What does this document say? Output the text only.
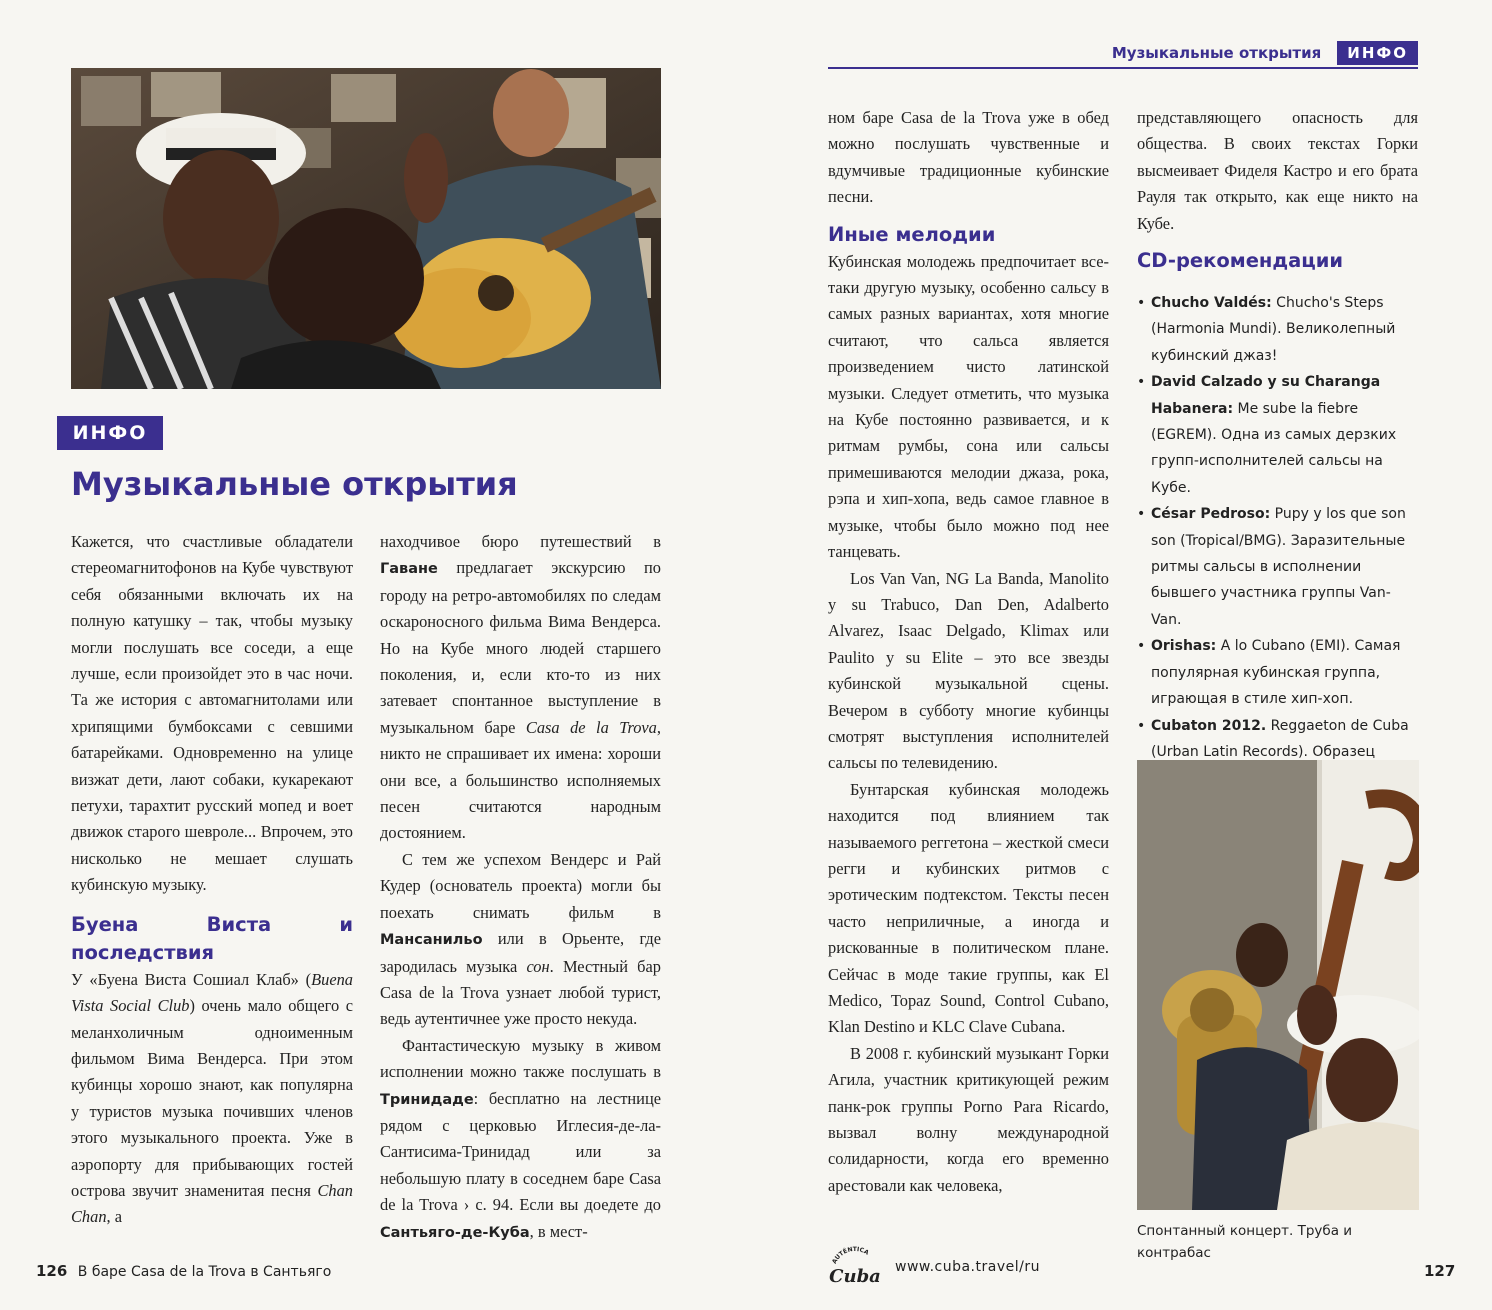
ИНФО
Музыкальные открытия

Кажется, что счастливые обладатели стереомагнитофонов на Кубе чувствуют себя обязанными включать их на полную катушку – так, чтобы музыку могли послушать все соседи, а еще лучше, если произойдет это в час ночи. Та же история с автомагнитолами или хрипящими бумбоксами с севшими батарейками. Одновременно на улице визжат дети, лают собаки, кукарекают петухи, тарахтит русский мопед и воет движок старого шевроле... Впрочем, это нисколько не мешает слушать кубинскую музыку.

Буена Виста и последствия

У «Буена Виста Сошиал Клаб» (Buena Vista Social Club) очень мало общего с меланхоличным одноименным фильмом Вима Вендерса. При этом кубинцы хорошо знают, как популярна у туристов музыка почивших членов этого музыкального проекта. Уже в аэропорту для прибывающих гостей острова звучит знаменитая песня Chan Chan, а

находчивое бюро путешествий в Гаване предлагает экскурсию по городу на ретро-автомобилях по следам оскароносного фильма Вима Вендерса. Но на Кубе много людей старшего поколения, и, если кто-то из них затевает спонтанное выступление в музыкальном баре Casa de la Trova, никто не спрашивает их имена: хороши они все, а большинство исполняемых песен считаются народным достоянием.

С тем же успехом Вендерс и Рай Кудер (основатель проекта) могли бы поехать снимать фильм в Мансанильо или в Орьенте, где зародилась музыка сон. Местный бар Casa de la Trova узнает любой турист, ведь аутентичнее уже просто некуда.

Фантастическую музыку в живом исполнении можно также послушать в Тринидаде: бесплатно на лестнице рядом с церковью Иглесия-де-ла-Сантисима-Тринидад или за небольшую плату в соседнем баре Casa de la Trova › с. 94. Если вы доедете до Сантьяго-де-Куба, в мест-

126 В баре Casa de la Trova в Сантьяго
Музыкальные открытия ИНФО

ном баре Casa de la Trova уже в обед можно послушать чувственные и вдумчивые традиционные кубинские песни.

Иные мелодии

Кубинская молодежь предпочитает все-таки другую музыку, особенно сальсу в самых разных вариантах, хотя многие считают, что сальса является произведением чисто латинской музыки. Следует отметить, что музыка на Кубе постоянно развивается, и к ритмам румбы, сона или сальсы примешиваются мелодии джаза, рока, рэпа и хип-хопа, ведь самое главное в музыке, чтобы было можно под нее танцевать.

Los Van Van, NG La Banda, Manolito y su Trabuco, Dan Den, Adalberto Alvarez, Isaac Delgado, Klimax или Paulito y su Elite – это все звезды кубинской музыкальной сцены. Вечером в субботу многие кубинцы смотрят выступления исполнителей сальсы по телевидению.

Бунтарская кубинская молодежь находится под влиянием так называемого реггетона – жесткой смеси регги и кубинских ритмов с эротическим подтекстом. Тексты песен часто неприличные, а иногда и рискованные в политическом плане. Сейчас в моде такие группы, как El Medico, Topaz Sound, Control Cubano, Klan Destino и KLC Clave Cubana.

В 2008 г. кубинский музыкант Горки Агила, участник критикующей режим панк-рок группы Porno Para Ricardo, вызвал волну международной солидарности, когда его временно арестовали как человека,

представляющего опасность для общества. В своих текстах Горки высмеивает Фиделя Кастро и его брата Рауля так открыто, как еще никто на Кубе.

CD-рекомендации
• Chucho Valdés: Chucho's Steps (Harmonia Mundi). Великолепный кубинский джаз!
• David Calzado y su Charanga Habanera: Me sube la fiebre (EGREM). Одна из самых дерзких групп-исполнителей сальсы на Кубе.
• César Pedroso: Pupy y los que son son (Tropical/BMG). Заразительные ритмы сальсы в исполнении бывшего участника группы Van-Van.
• Orishas: A lo Cubano (EMI). Самая популярная кубинская группа, играющая в стиле хип-хоп.
• Cubaton 2012. Reggaeton de Cuba (Urban Latin Records). Образец
Спонтанный концерт. Труба и контрабас
AUTÉNTICA
Cuba www.cuba.travel/ru	127
